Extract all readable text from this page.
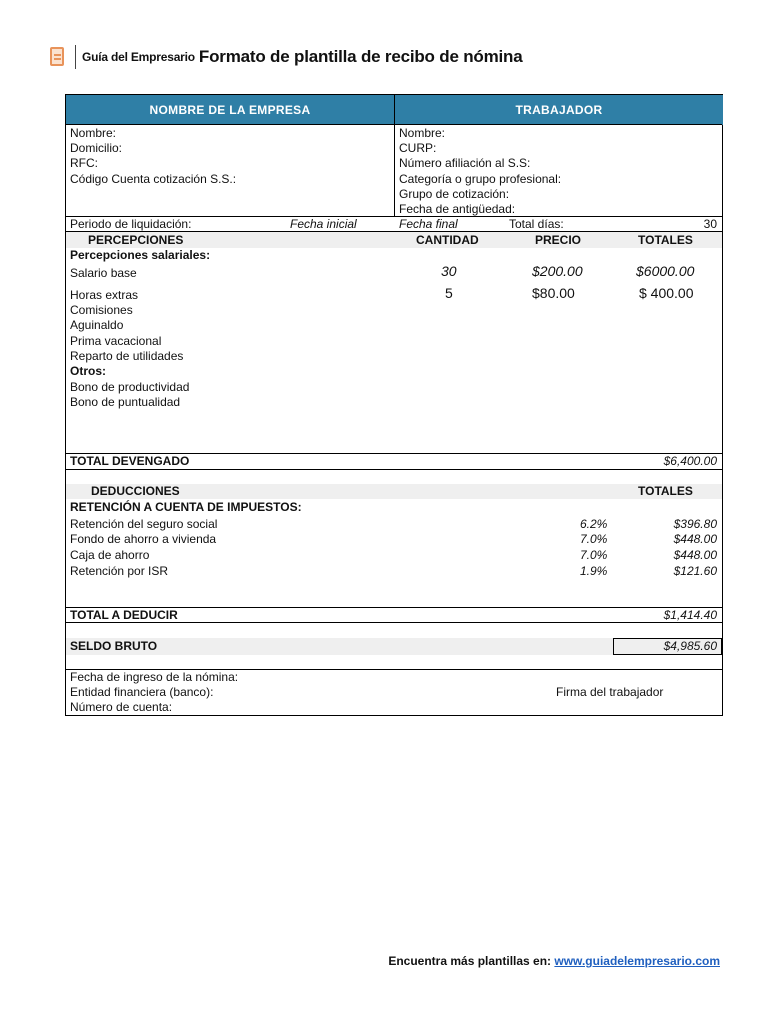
Guía del Empresario Formato de plantilla de recibo de nómina
NOMBRE DE LA EMPRESA	TRABAJADOR
Nombre:
Domicilio:
RFC:
Código Cuenta cotización S.S.:
Nombre:
CURP:
Número afiliación al S.S:
Categoría o grupo profesional:
Grupo de cotización:
Fecha de antigüedad:
Periodo de liquidación:	Fecha inicial	Fecha final	Total días:	30
PERCEPCIONES	CANTIDAD	PRECIO	TOTALES
Percepciones salariales:
Salario base	30	$200.00	$6000.00
Horas extras	5	$80.00	$ 400.00
Comisiones
Aguinaldo
Prima vacacional
Reparto de utilidades
Otros:
Bono de productividad
Bono de puntualidad
TOTAL DEVENGADO	$6,400.00
DEDUCCIONES	TOTALES
RETENCIÓN A CUENTA DE IMPUESTOS:
Retención del seguro social	6.2%	$396.80
Fondo de ahorro a vivienda	7.0%	$448.00
Caja de ahorro	7.0%	$448.00
Retención por ISR	1.9%	$121.60
TOTAL A DEDUCIR	$1,414.40
SELDO BRUTO	$4,985.60
Fecha de ingreso de la nómina:
Entidad financiera (banco):
Número de cuenta:
Firma del trabajador
Encuentra más plantillas en: www.guiadelempresario.com
